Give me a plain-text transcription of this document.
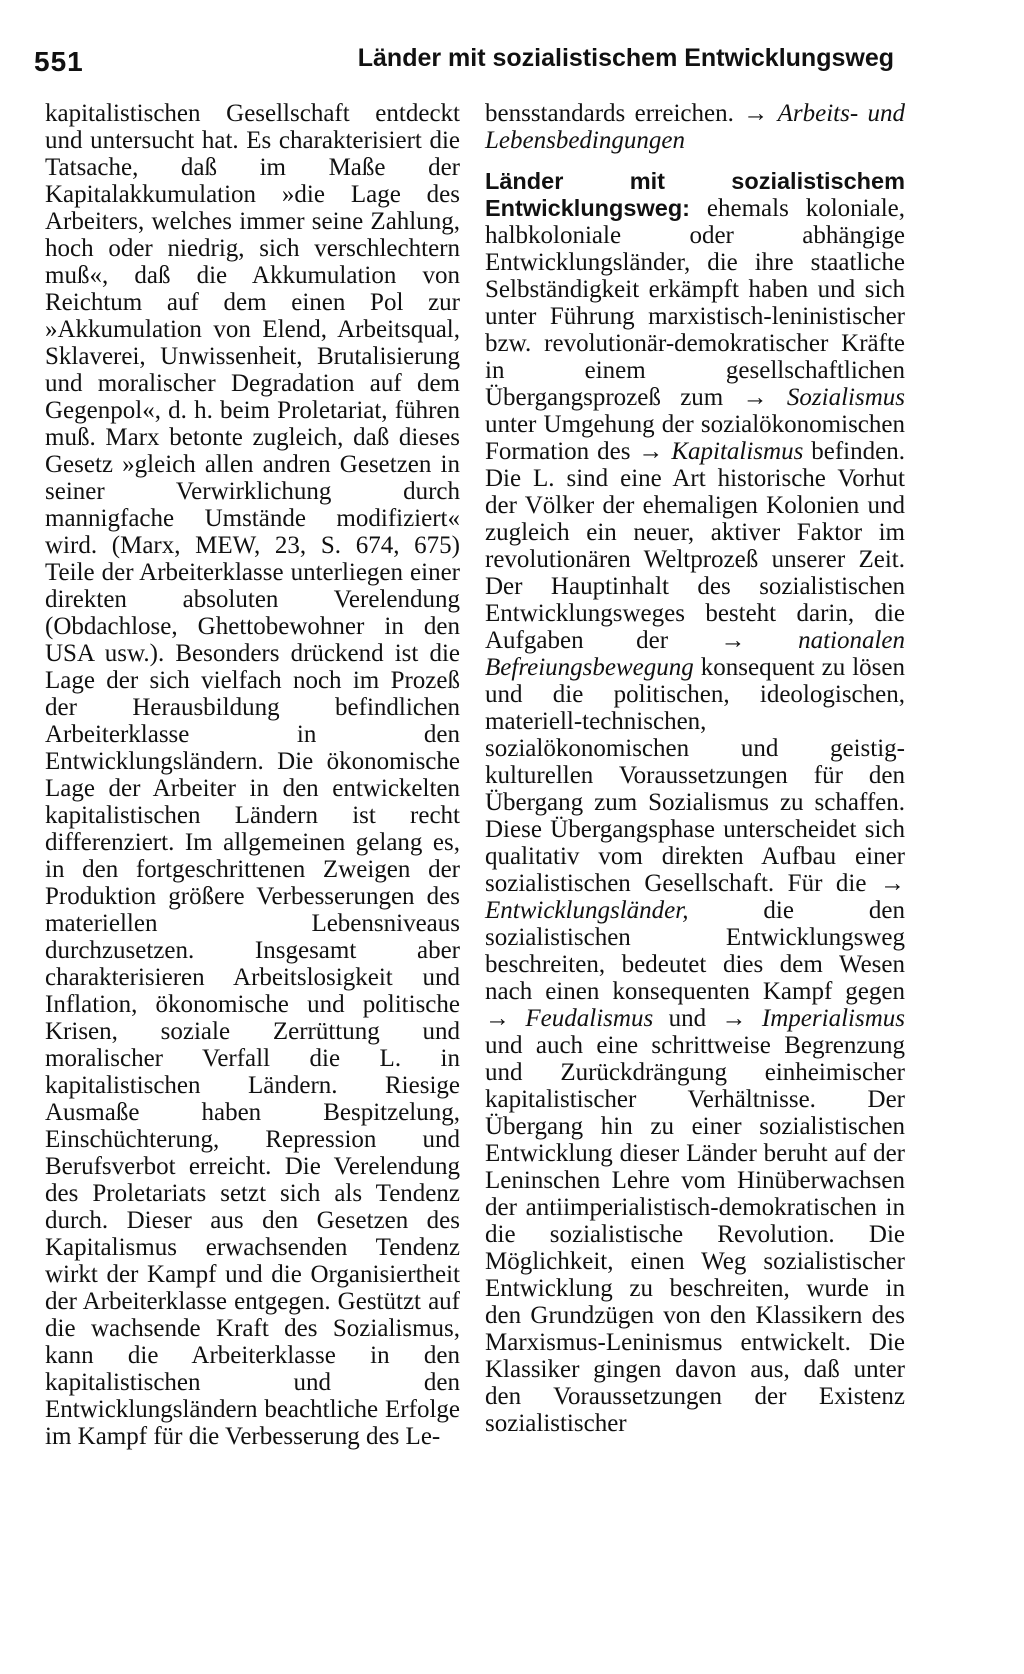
551	Länder mit sozialistischem Entwicklungsweg

kapitalistischen Gesellschaft entdeckt und untersucht hat. Es charakterisiert die Tatsache, daß im Maße der Kapitalakkumulation »die Lage des Arbeiters, welches immer seine Zahlung, hoch oder niedrig, sich verschlechtern muß«, daß die Akkumulation von Reichtum auf dem einen Pol zur »Akkumulation von Elend, Arbeitsqual, Sklaverei, Unwissenheit, Brutalisierung und moralischer Degradation auf dem Gegenpol«, d. h. beim Proletariat, führen muß. Marx betonte zugleich, daß dieses Gesetz »gleich allen andren Gesetzen in seiner Verwirklichung durch mannigfache Umstände modifiziert« wird. (Marx, MEW, 23, S. 674, 675) Teile der Arbeiterklasse unterliegen einer direkten absoluten Verelendung (Obdachlose, Ghettobewohner in den USA usw.). Besonders drückend ist die Lage der sich vielfach noch im Prozeß der Herausbildung befindlichen Arbeiterklasse in den Entwicklungsländern. Die ökonomische Lage der Arbeiter in den entwickelten kapitalistischen Ländern ist recht differenziert. Im allgemeinen gelang es, in den fortgeschrittenen Zweigen der Produktion größere Verbesserungen des materiellen Lebensniveaus durchzusetzen. Insgesamt aber charakterisieren Arbeitslosigkeit und Inflation, ökonomische und politische Krisen, soziale Zerrüttung und moralischer Verfall die L. in kapitalistischen Ländern. Riesige Ausmaße haben Bespitzelung, Einschüchterung, Repression und Berufsverbot erreicht. Die Verelendung des Proletariats setzt sich als Tendenz durch. Dieser aus den Gesetzen des Kapitalismus erwachsenden Tendenz wirkt der Kampf und die Organisiertheit der Arbeiterklasse entgegen. Gestützt auf die wachsende Kraft des Sozialismus, kann die Arbeiterklasse in den kapitalistischen und den Entwicklungsländern beachtliche Erfolge im Kampf für die Verbesserung des Le-

bensstandards erreichen. → Arbeits- und Lebensbedingungen

Länder mit sozialistischem Entwicklungsweg: ehemals koloniale, halbkoloniale oder abhängige Entwicklungsländer, die ihre staatliche Selbständigkeit erkämpft haben und sich unter Führung marxistisch-leninistischer bzw. revolutionär-demokratischer Kräfte in einem gesellschaftlichen Übergangsprozeß zum → Sozialismus unter Umgehung der sozialökonomischen Formation des → Kapitalismus befinden. Die L. sind eine Art historische Vorhut der Völker der ehemaligen Kolonien und zugleich ein neuer, aktiver Faktor im revolutionären Weltprozeß unserer Zeit. Der Hauptinhalt des sozialistischen Entwicklungsweges besteht darin, die Aufgaben der → nationalen Befreiungsbewegung konsequent zu lösen und die politischen, ideologischen, materiell-technischen, sozialökonomischen und geistig-kulturellen Voraussetzungen für den Übergang zum Sozialismus zu schaffen. Diese Übergangsphase unterscheidet sich qualitativ vom direkten Aufbau einer sozialistischen Gesellschaft. Für die → Entwicklungsländer, die den sozialistischen Entwicklungsweg beschreiten, bedeutet dies dem Wesen nach einen konsequenten Kampf gegen → Feudalismus und → Imperialismus und auch eine schrittweise Begrenzung und Zurückdrängung einheimischer kapitalistischer Verhältnisse. Der Übergang hin zu einer sozialistischen Entwicklung dieser Länder beruht auf der Leninschen Lehre vom Hinüberwachsen der antiimperialistisch-demokratischen in die sozialistische Revolution. Die Möglichkeit, einen Weg sozialistischer Entwicklung zu beschreiten, wurde in den Grundzügen von den Klassikern des Marxismus-Leninismus entwickelt. Die Klassiker gingen davon aus, daß unter den Voraussetzungen der Existenz sozialistischer
